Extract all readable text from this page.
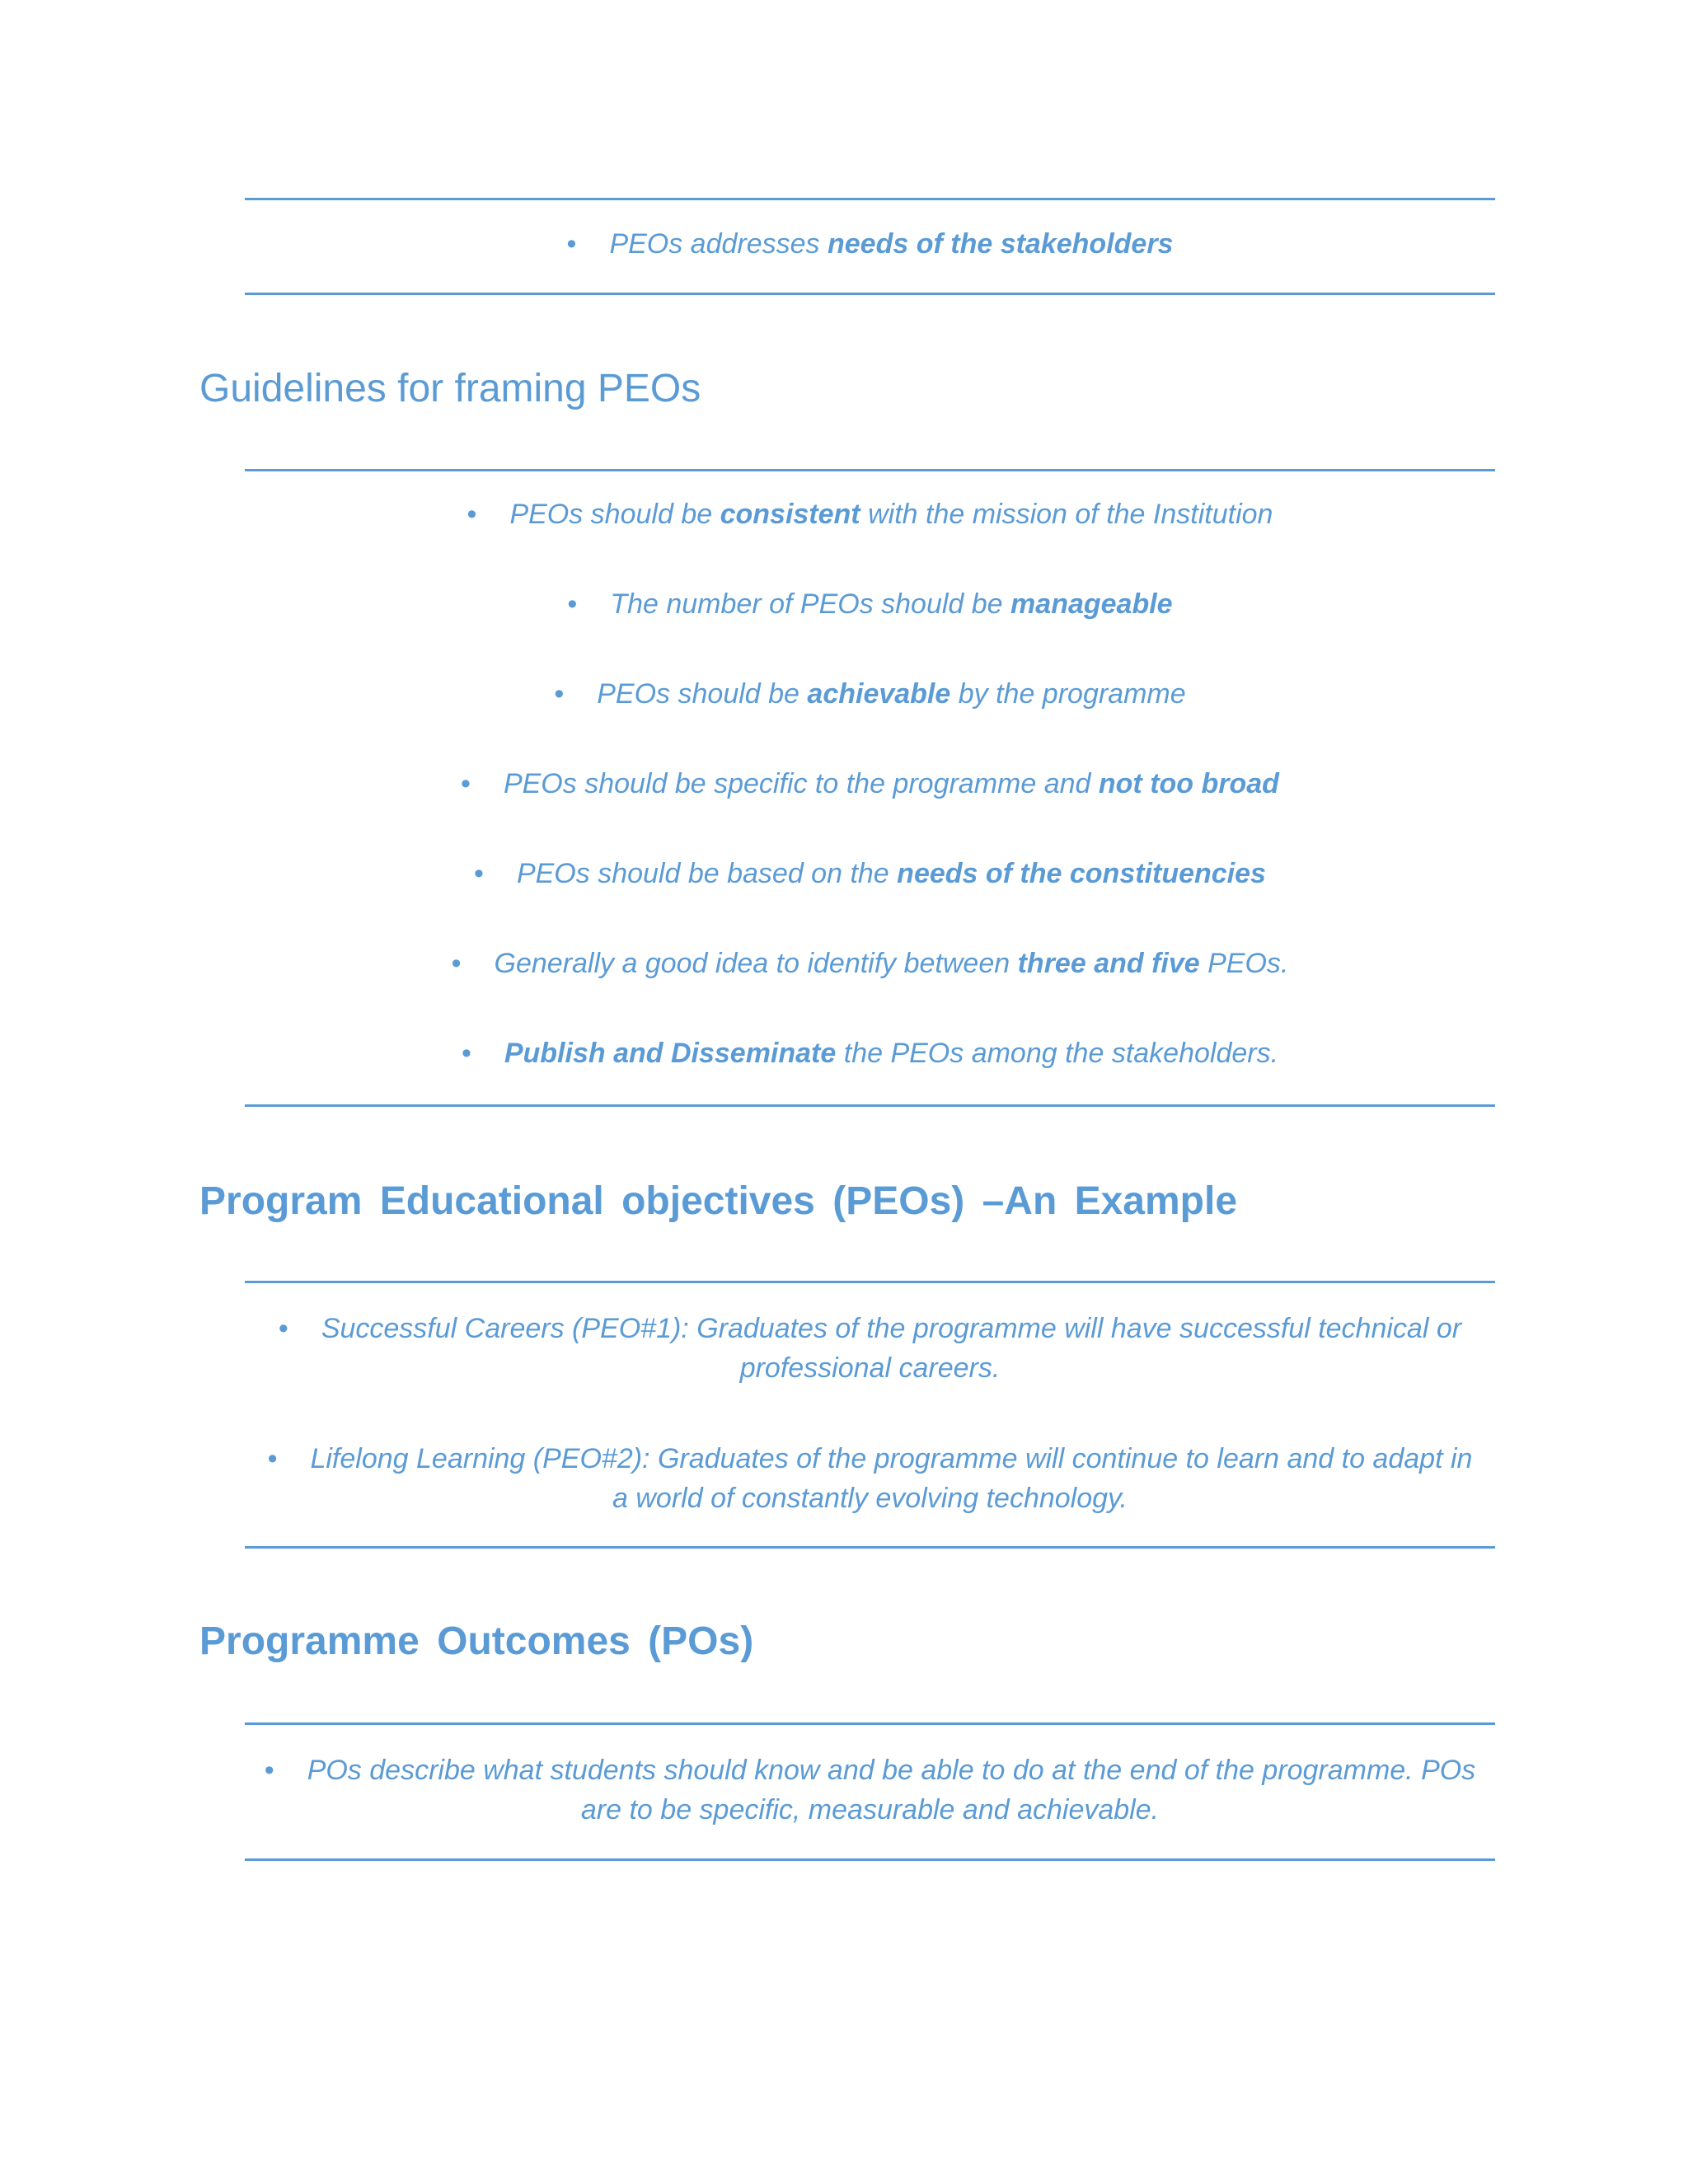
• PEOs addresses needs of the stakeholders
Guidelines for framing PEOs
• PEOs should be consistent with the mission of the Institution
• The number of PEOs should be manageable
• PEOs should be achievable by the programme
• PEOs should be specific to the programme and not too broad
• PEOs should be based on the needs of the constituencies
• Generally a good idea to identify between three and five PEOs.
• Publish and Disseminate the PEOs among the stakeholders.
Program Educational objectives (PEOs) –An Example
• Successful Careers (PEO#1): Graduates of the programme will have successful technical or professional careers.
• Lifelong Learning (PEO#2): Graduates of the programme will continue to learn and to adapt in a world of constantly evolving technology.
Programme Outcomes (POs)
• POs describe what students should know and be able to do at the end of the programme. POs are to be specific, measurable and achievable.
